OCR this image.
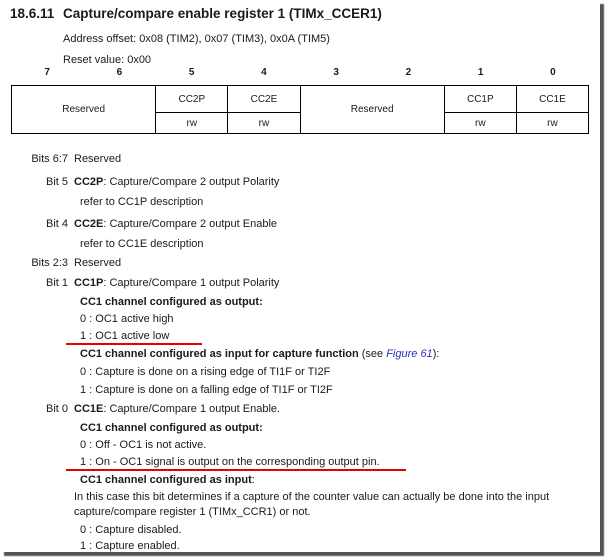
18.6.11 Capture/compare enable register 1 (TIMx_CCER1)
Address offset: 0x08 (TIM2), 0x07 (TIM3), 0x0A (TIM5)
Reset value: 0x00
7	6	5	4	3	2	1	0
Reserved	CC2P	CC2E	Reserved	CC1P	CC1E
	rw	rw		rw	rw
Bits 6:7 Reserved
Bit 5 CC2P: Capture/Compare 2 output Polarity
refer to CC1P description
Bit 4 CC2E: Capture/Compare 2 output Enable
refer to CC1E description
Bits 2:3 Reserved
Bit 1 CC1P: Capture/Compare 1 output Polarity
CC1 channel configured as output:
0 : OC1 active high
1 : OC1 active low
CC1 channel configured as input for capture function (see Figure 61):
0 : Capture is done on a rising edge of TI1F or TI2F
1 : Capture is done on a falling edge of TI1F or TI2F
Bit 0 CC1E: Capture/Compare 1 output Enable.
CC1 channel configured as output:
0 : Off - OC1 is not active.
1 : On - OC1 signal is output on the corresponding output pin.
CC1 channel configured as input:
In this case this bit determines if a capture of the counter value can actually be done into the input
capture/compare register 1 (TIMx_CCR1) or not.
0 : Capture disabled.
1 : Capture enabled.
